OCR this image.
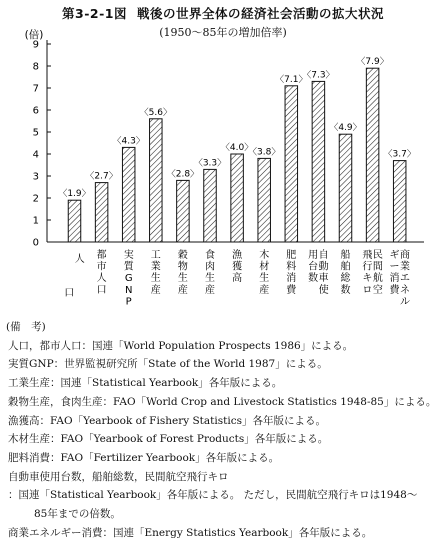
第3-2-1図 戦後の世界全体の経済社会活動の拡大状況
(1950～85年の増加倍率)
(倍)
0
1
2
3
4
5
6
7
8
9
〈1.9〉
〈2.7〉
〈4.3〉
〈5.6〉
〈2.8〉
〈3.3〉
〈4.0〉
〈3.8〉
〈7.1〉
〈7.3〉
〈4.9〉
〈7.9〉
〈3.7〉
人
口
都
市
人
口
実
質
G
N
P
工
業
生
産
穀
物
生
産
食
肉
生
産
漁
獲
高
木
材
生
産
肥
料
消
費
自
動
車
使
用
台
数
船
舶
総
数
民
間
航
空
飛
行
キ
ロ
商
業
エ
ネ
ル
ギ
ー
消
費
(備　考)
人口，都市人口：国連「World Population Prospects 1986」による。
実質GNP：世界監視研究所「State of the World 1987」による。
工業生産：国連「Statistical Yearbook」各年版による。
穀物生産，食肉生産：FAO「World Crop and Livestock Statistics 1948-85」による。
漁獲高：FAO「Yearbook of Fishery Statistics」各年版による。
木材生産：FAO「Yearbook of Forest Products」各年版による。
肥料消費：FAO「Fertilizer Yearbook」各年版による。
自動車使用台数，船舶総数，民間航空飛行キロ
：国連「Statistical Yearbook」各年版による。 ただし，民間航空飛行キロは1948～
85年までの倍数。
商業エネルギー消費：国連「Energy Statistics Yearbook」各年版による。
